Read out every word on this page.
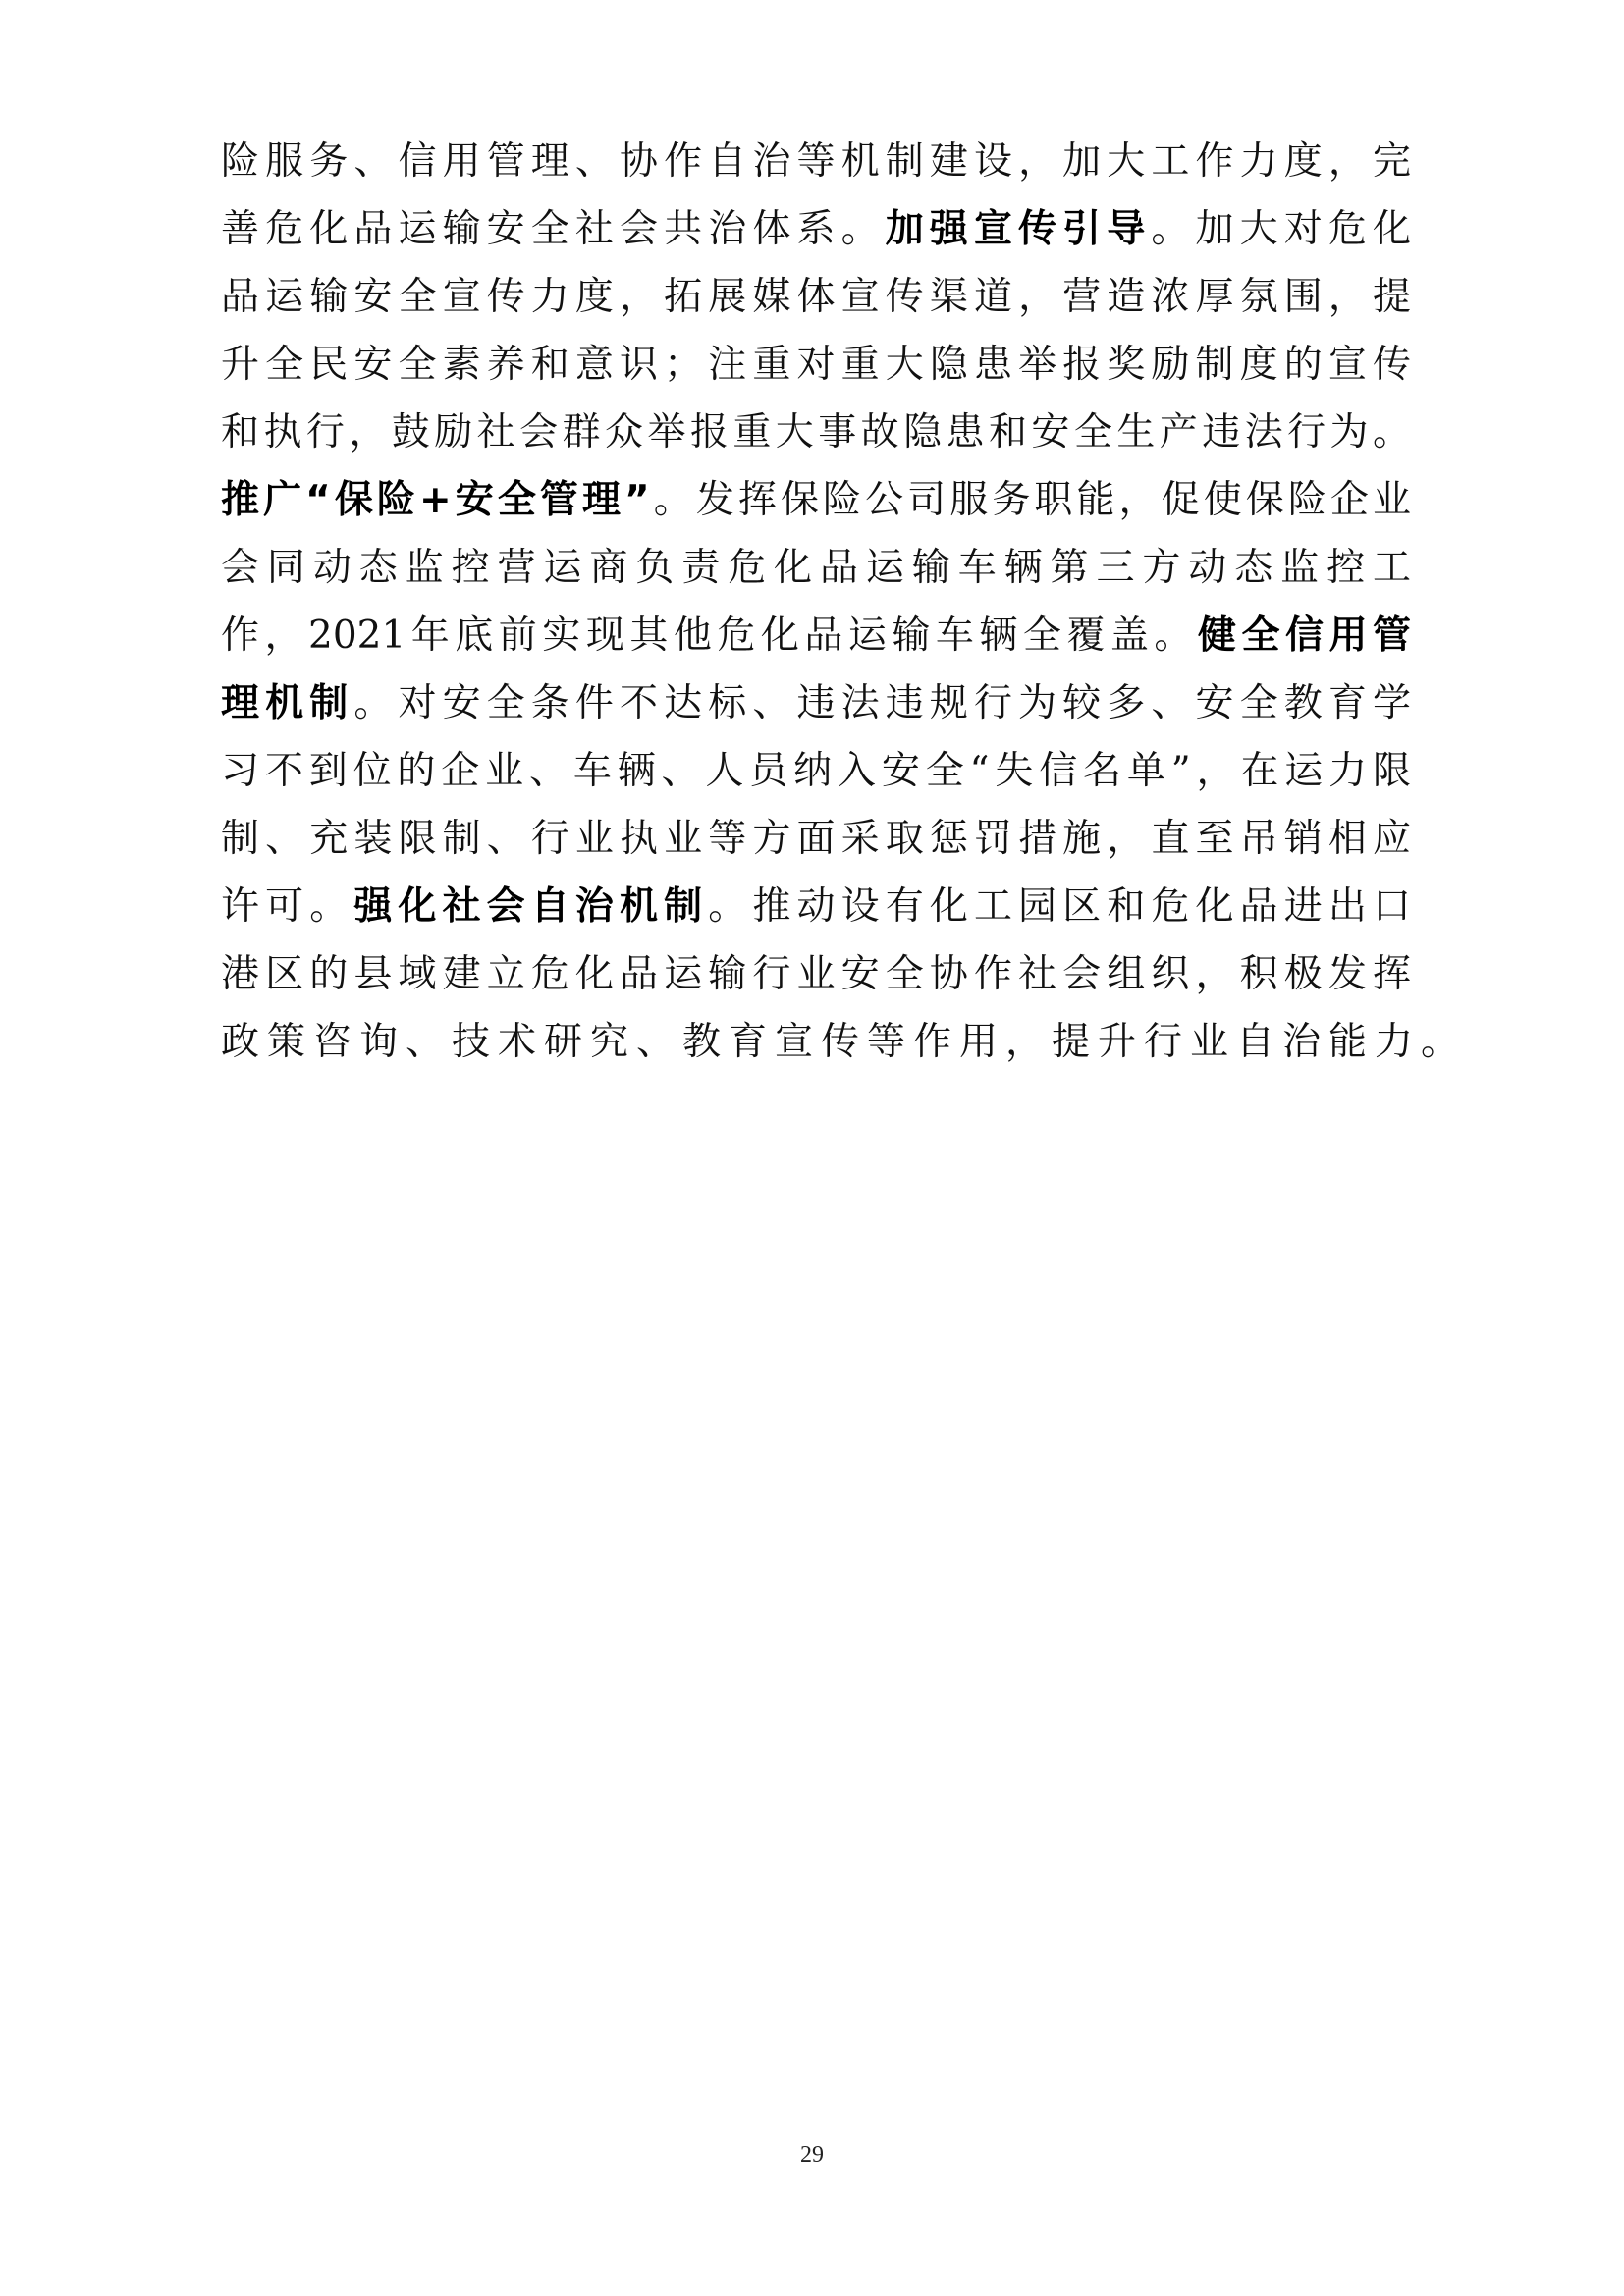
险服务、信用管理、协作自治等机制建设，加大工作力度，完
善危化品运输安全社会共治体系。加强宣传引导。加大对危化
品运输安全宣传力度，拓展媒体宣传渠道，营造浓厚氛围，提
升全民安全素养和意识；注重对重大隐患举报奖励制度的宣传
和执行，鼓励社会群众举报重大事故隐患和安全生产违法行为。
推广“保险+安全管理”。发挥保险公司服务职能，促使保险企业
会同动态监控营运商负责危化品运输车辆第三方动态监控工
作，2021年底前实现其他危化品运输车辆全覆盖。健全信用管
理机制。对安全条件不达标、违法违规行为较多、安全教育学
习不到位的企业、车辆、人员纳入安全“失信名单”，在运力限
制、充装限制、行业执业等方面采取惩罚措施，直至吊销相应
许可。强化社会自治机制。推动设有化工园区和危化品进出口
港区的县域建立危化品运输行业安全协作社会组织，积极发挥
政策咨询、技术研究、教育宣传等作用，提升行业自治能力。
29
